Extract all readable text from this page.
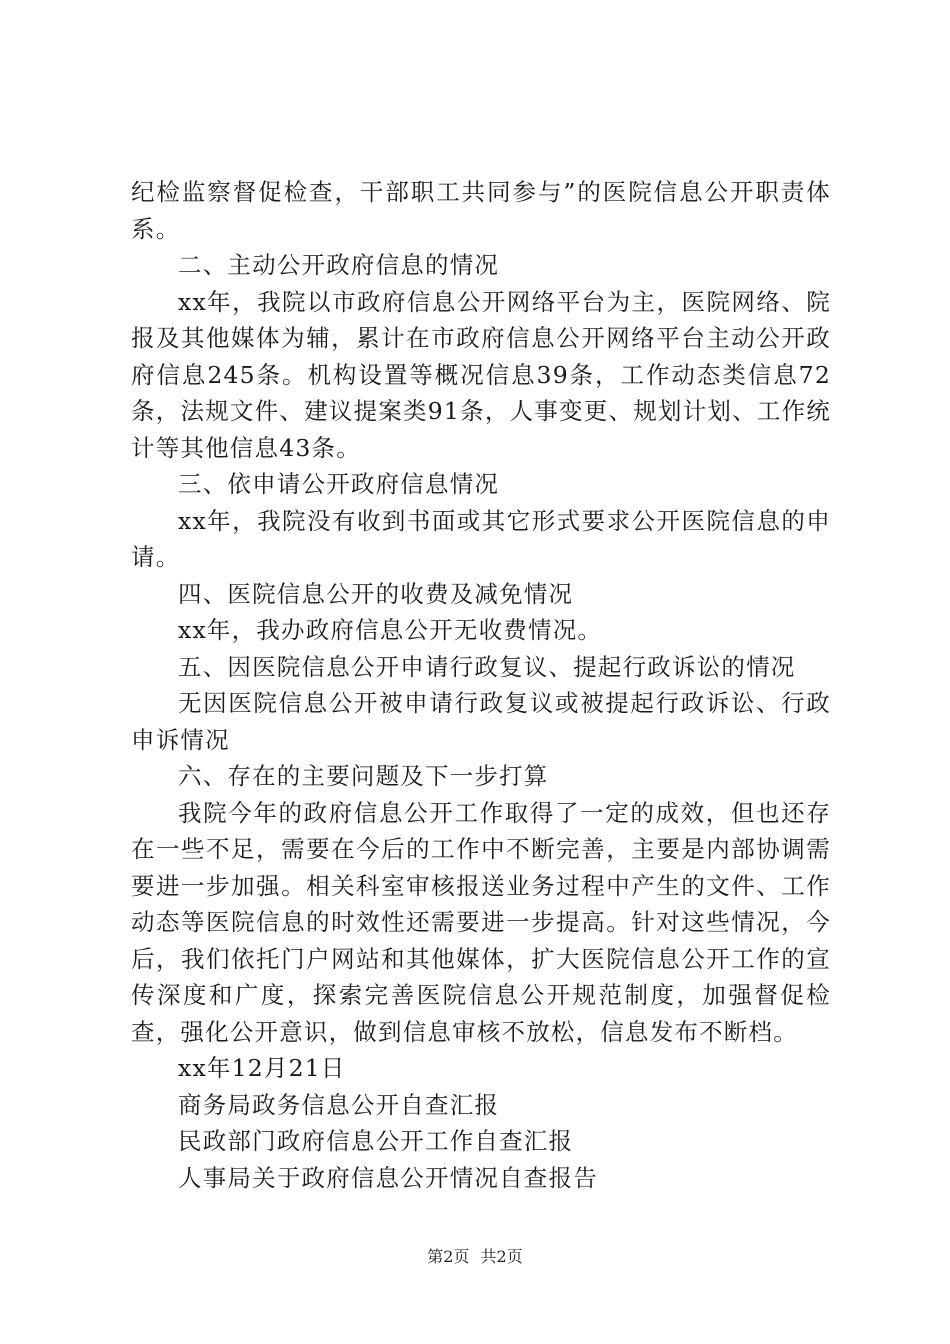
纪检监察督促检查，干部职工共同参与”的医院信息公开职责体系。

二、主动公开政府信息的情况

xx年，我院以市政府信息公开网络平台为主，医院网络、院报及其他媒体为辅，累计在市政府信息公开网络平台主动公开政府信息245条。机构设置等概况信息39条，工作动态类信息72条，法规文件、建议提案类91条，人事变更、规划计划、工作统计等其他信息43条。

三、依申请公开政府信息情况

xx年，我院没有收到书面或其它形式要求公开医院信息的申请。

四、医院信息公开的收费及减免情况

xx年，我办政府信息公开无收费情况。

五、因医院信息公开申请行政复议、提起行政诉讼的情况

无因医院信息公开被申请行政复议或被提起行政诉讼、行政申诉情况

六、存在的主要问题及下一步打算

我院今年的政府信息公开工作取得了一定的成效，但也还存在一些不足，需要在今后的工作中不断完善，主要是内部协调需要进一步加强。相关科室审核报送业务过程中产生的文件、工作动态等医院信息的时效性还需要进一步提高。针对这些情况，今后，我们依托门户网站和其他媒体，扩大医院信息公开工作的宣传深度和广度，探索完善医院信息公开规范制度，加强督促检查，强化公开意识，做到信息审核不放松，信息发布不断档。

xx年12月21日

商务局政务信息公开自查汇报

民政部门政府信息公开工作自查汇报

人事局关于政府信息公开情况自查报告

第2页 共2页
